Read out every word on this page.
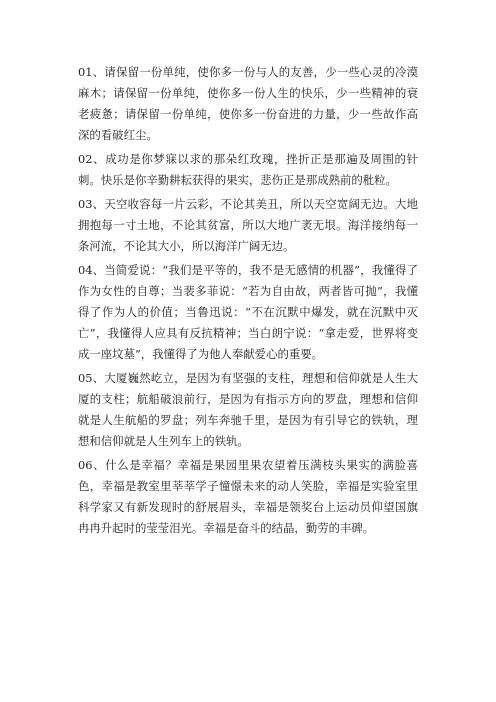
01、请保留一份单纯，使你多一份与人的友善，少一些心灵的冷漠麻木；请保留一份单纯，使你多一份人生的快乐，少一些精神的衰老疲惫；请保留一份单纯，使你多一份奋进的力量，少一些故作高深的看破红尘。

02、成功是你梦寐以求的那朵红玫瑰，挫折正是那遍及周围的针刺。快乐是你辛勤耕耘获得的果实，悲伤正是那成熟前的秕粒。

03、天空收容每一片云彩，不论其美丑，所以天空宽阔无边。大地拥抱每一寸土地，不论其贫富，所以大地广袤无垠。海洋接纳每一条河流，不论其大小，所以海洋广阔无边。

04、当简爱说：“我们是平等的，我不是无感情的机器”，我懂得了作为女性的自尊；当裴多菲说：“若为自由故，两者皆可抛”，我懂得了作为人的价值；当鲁迅说：“不在沉默中爆发，就在沉默中灭亡”，我懂得人应具有反抗精神；当白朗宁说：“拿走爱，世界将变成一座坟墓”，我懂得了为他人奉献爱心的重要。

05、大厦巍然屹立，是因为有坚强的支柱，理想和信仰就是人生大厦的支柱；航船破浪前行，是因为有指示方向的罗盘，理想和信仰就是人生航船的罗盘；列车奔驰千里，是因为有引导它的铁轨，理想和信仰就是人生列车上的铁轨。

06、什么是幸福？幸福是果园里果农望着压满枝头果实的满脸喜色，幸福是教室里莘莘学子憧憬未来的动人笑脸，幸福是实验室里科学家又有新发现时的舒展眉头，幸福是领奖台上运动员仰望国旗冉冉升起时的莹莹泪光。幸福是奋斗的结晶，勤劳的丰碑。
